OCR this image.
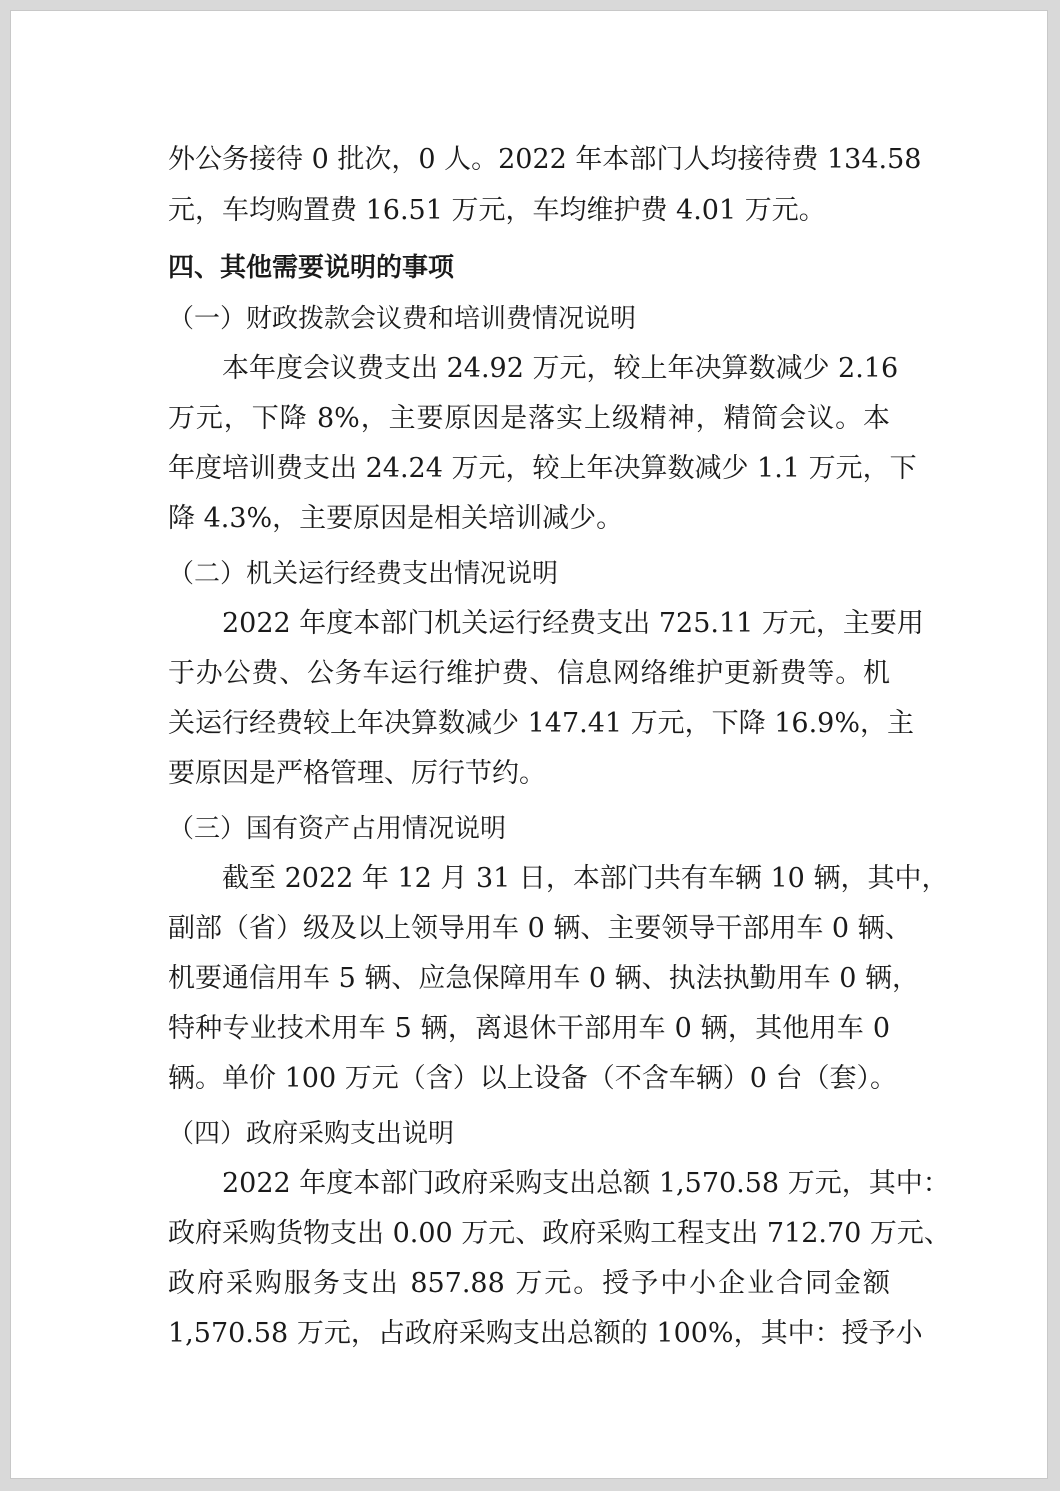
外公务接待 0 批次，0 人。2022 年本部门人均接待费 134.58
元，车均购置费 16.51 万元，车均维护费 4.01 万元。
四、其他需要说明的事项
（一）财政拨款会议费和培训费情况说明
本年度会议费支出 24.92 万元，较上年决算数减少 2.16
万元，下降 8%，主要原因是落实上级精神，精简会议。本
年度培训费支出 24.24 万元，较上年决算数减少 1.1 万元，下
降 4.3%，主要原因是相关培训减少。
（二）机关运行经费支出情况说明
2022 年度本部门机关运行经费支出 725.11 万元，主要用
于办公费、公务车运行维护费、信息网络维护更新费等。机
关运行经费较上年决算数减少 147.41 万元，下降 16.9%，主
要原因是严格管理、厉行节约。
（三）国有资产占用情况说明
截至 2022 年 12 月 31 日，本部门共有车辆 10 辆，其中，
副部（省）级及以上领导用车 0 辆、主要领导干部用车 0 辆、
机要通信用车 5 辆、应急保障用车 0 辆、执法执勤用车 0 辆，
特种专业技术用车 5 辆，离退休干部用车 0 辆，其他用车 0
辆。单价 100 万元（含）以上设备（不含车辆）0 台（套）。
（四）政府采购支出说明
2022 年度本部门政府采购支出总额 1,570.58 万元，其中：
政府采购货物支出 0.00 万元、政府采购工程支出 712.70 万元、
政府采购服务支出 857.88 万元。授予中小企业合同金额
1,570.58 万元，占政府采购支出总额的 100%，其中：授予小
